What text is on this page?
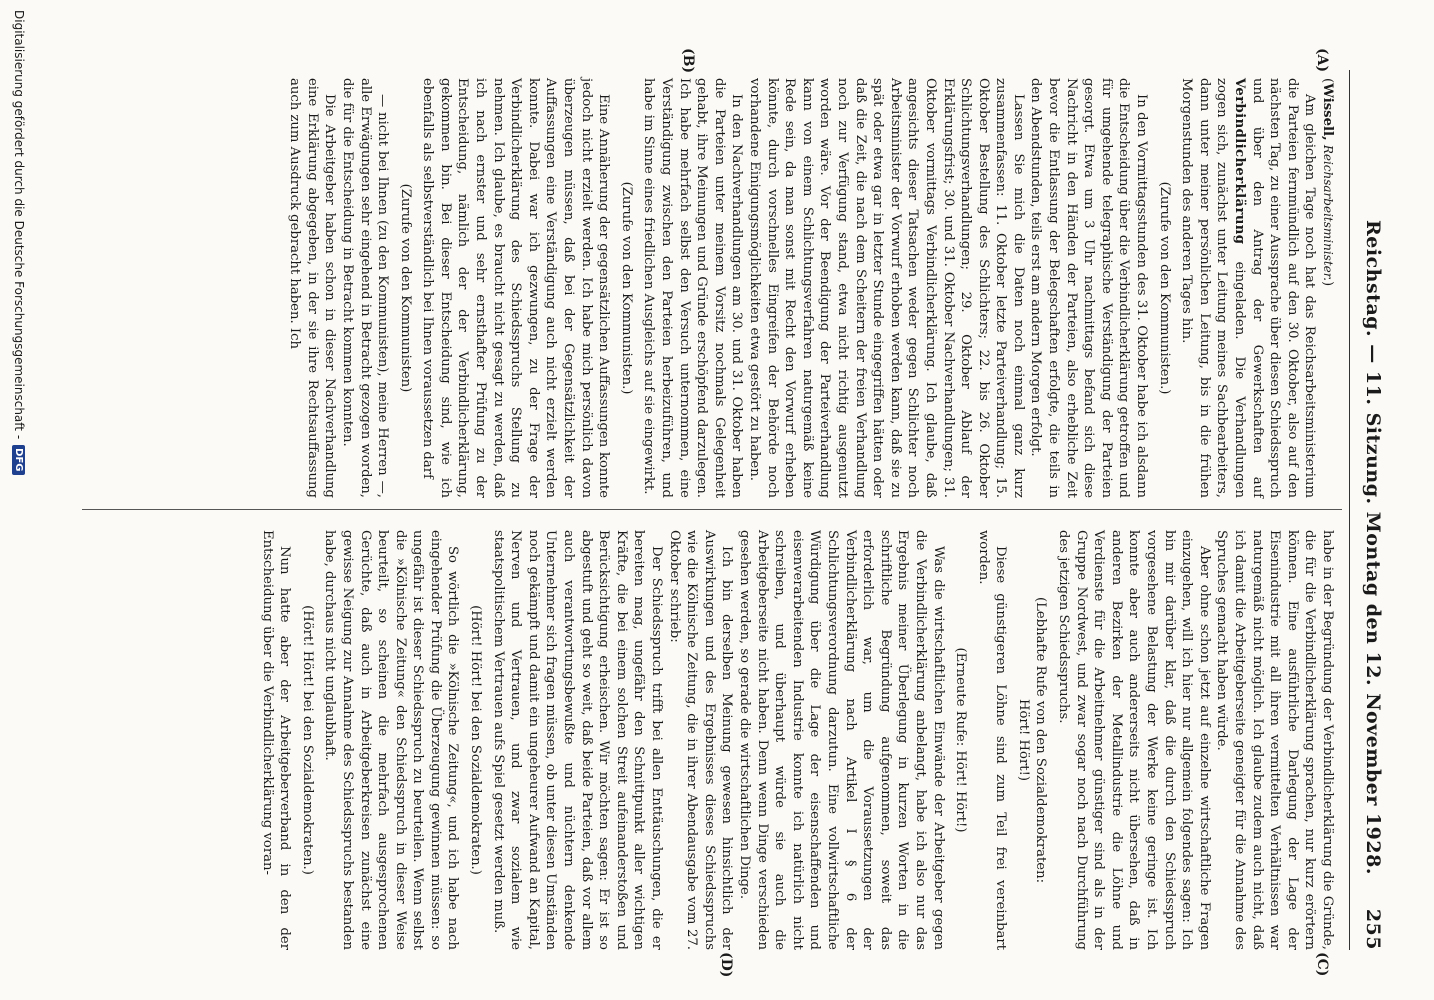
Reichstag. — 11. Sitzung. Montag den 12. November 1928.
255
(A)
(B)
(C)
(D)

(Wissell, Reichsarbeitsminister.)

Am gleichen Tage noch hat das Reichsarbeitsministerium die Parteien fernmündlich auf den 30. Oktober, also auf den nächsten Tag, zu einer Aussprache über diesen Schiedsspruch und über den Antrag der Gewerkschaften auf Verbindlicherklärung eingeladen. Die Verhandlungen zogen sich, zunächst unter Leitung meines Sachbearbeiters, dann unter meiner persönlichen Leitung, bis in die frühen Morgenstunden des anderen Tages hin.

(Zurufe von den Kommunisten.)

In den Vormittagsstunden des 31. Oktober habe ich alsdann die Entscheidung über die Verbindlicherklärung getroffen und für umgehende telegraphische Verständigung der Parteien gesorgt. Etwa um 3 Uhr nachmittags befand sich diese Nachricht in den Händen der Parteien, also erhebliche Zeit bevor die Entlassung der Belegschaften erfolgte, die teils in den Abendstunden, teils erst am andern Morgen erfolgt.

Lassen Sie mich die Daten noch einmal ganz kurz zusammenfassen: 11. Oktober letzte Parteiverhandlung; 15. Oktober Bestellung des Schlichters; 22. bis 26. Oktober Schlichtungsverhandlungen; 29. Oktober Ablauf der Erklärungsfrist; 30. und 31. Oktober Nachverhandlungen; 31. Oktober vormittags Verbindlicherklärung. Ich glaube, daß angesichts dieser Tatsachen weder gegen Schlichter noch Arbeitsminister der Vorwurf erhoben werden kann, daß sie zu spät oder etwa gar in letzter Stunde eingegriffen hätten oder daß die Zeit, die nach dem Scheitern der freien Verhandlung noch zur Verfügung stand, etwa nicht richtig ausgenutzt worden wäre. Vor der Beendigung der Parteiverhandlung kann von einem Schlichtungsverfahren naturgemäß keine Rede sein, da man sonst mit Recht den Vorwurf erheben könnte, durch vorschnelles Eingreifen der Behörde noch vorhandene Einigungsmöglichkeiten etwa gestört zu haben.

In den Nachverhandlungen am 30. und 31. Oktober haben die Parteien unter meinem Vorsitz nochmals Gelegenheit gehabt, ihre Meinungen und Gründe erschöpfend darzulegen. Ich habe mehrfach selbst den Versuch unternommen, eine Verständigung zwischen den Parteien herbeizuführen, und habe im Sinne eines friedlichen Ausgleichs auf sie eingewirkt.

(Zurufe von den Kommunisten.)

Eine Annäherung der gegensätzlichen Auffassungen konnte jedoch nicht erzielt werden. Ich habe mich persönlich davon überzeugen müssen, daß bei der Gegensätzlichkeit der Auffassungen eine Verständigung auch nicht erzielt werden konnte. Dabei war ich gezwungen, zu der Frage der Verbindlicherklärung des Schiedsspruchs Stellung zu nehmen. Ich glaube, es braucht nicht gesagt zu werden, daß ich nach ernster und sehr ernsthafter Prüfung zu der Entscheidung, nämlich der der Verbindlicherklärung, gekommen bin. Bei dieser Entscheidung sind, wie ich ebenfalls als selbstverständlich bei Ihnen voraussetzen darf

(Zurufe von den Kommunisten)

— nicht bei Ihnen (zu den Kommunisten), meine Herren —, alle Erwägungen sehr eingehend in Betracht gezogen worden, die für die Entscheidung in Betracht kommen konnten.

Die Arbeitgeber haben schon in dieser Nachverhandlung eine Erklärung abgegeben, in der sie ihre Rechtsauffassung auch zum Ausdruck gebracht haben. Ich

habe in der Begründung der Verbindlicherklärung die Gründe, die für die Verbindlicherklärung sprachen, nur kurz erörtern können. Eine ausführliche Darlegung der Lage der Eisenindustrie mit all ihren vermittelten Verhältnissen war naturgemäß nicht möglich. Ich glaube zudem auch nicht, daß ich damit die Arbeitgeberseite geneigter für die Annahme des Spruches gemacht haben würde.

Aber ohne schon jetzt auf einzelne wirtschaftliche Fragen einzugehen, will ich hier nur allgemein folgendes sagen: Ich bin mir darüber klar, daß die durch den Schiedsspruch vorgesehene Belastung der Werke keine geringe ist. Ich konnte aber auch andererseits nicht übersehen, daß in anderen Bezirken der Metallindustrie die Löhne und Verdienste für die Arbeitnehmer günstiger sind als in der Gruppe Nordwest, und zwar sogar noch nach Durchführung des jetzigen Schiedsspruchs.

(Lebhafte Rufe von den Sozialdemokraten:
Hört! Hört!)

Diese günstigeren Löhne sind zum Teil frei vereinbart worden.

(Erneute Rufe: Hört! Hört!)

Was die wirtschaftlichen Einwände der Arbeitgeber gegen die Verbindlicherklärung anbelangt, habe ich also nur das Ergebnis meiner Überlegung in kurzen Worten in die schriftliche Begründung aufgenommen, soweit das erforderlich war, um die Voraussetzungen der Verbindlicherklärung nach Artikel I § 6 der Schlichtungsverordnung darzutun. Eine vollwirtschaftliche Würdigung über die Lage der eisenschaffenden und eisenverarbeitenden Industrie konnte ich natürlich nicht schreiben, und überhaupt würde sie auch die Arbeitgeberseite nicht haben. Denn wenn Dinge verschieden gesehen werden, so gerade die wirtschaftlichen Dinge.

Ich bin derselben Meinung gewesen hinsichtlich der Auswirkungen und des Ergebnisses dieses Schiedsspruchs wie die Kölnische Zeitung, die in ihrer Abendausgabe vom 27. Oktober schrieb:

Der Schiedsspruch trifft bei allen Enttäuschungen, die er bereiten mag, ungefähr den Schnittpunkt aller wichtigen Kräfte, die bei einem solchen Streit aufeinanderstoßen und Berücksichtigung erheischen. Wir möchten sagen: Er ist so abgestuft und geht so weit, daß beide Parteien, daß vor allem auch verantwortungsbewußte und nüchtern denkende Unternehmer sich fragen müssen, ob unter diesen Umständen noch gekämpft und damit ein ungeheurer Aufwand an Kapital, Nerven und Vertrauen, und zwar sozialem wie staatspolitischem Vertrauen aufs Spiel gesetzt werden muß.

(Hört! Hört! bei den Sozialdemokraten.)

So wörtlich die »Kölnische Zeitung«, und ich habe nach eingehender Prüfung die Überzeugung gewinnen müssen: so ungefähr ist dieser Schiedsspruch zu beurteilen. Wenn selbst die »Kölnische Zeitung« den Schiedsspruch in dieser Weise beurteilt, so scheinen die mehrfach ausgesprochenen Gerüchte, daß auch in Arbeitgeberkreisen zunächst eine gewisse Neigung zur Annahme des Schiedsspruchs bestanden habe, durchaus nicht unglaubhaft.

(Hört! Hört! bei den Sozialdemokraten.)

Nun hatte aber der Arbeitgeberverband in den der Entscheidung über die Verbindlicherklärung voran-

Digitalisierung gefördert durch die Deutsche Forschungsgemeinschaft -
DFG
